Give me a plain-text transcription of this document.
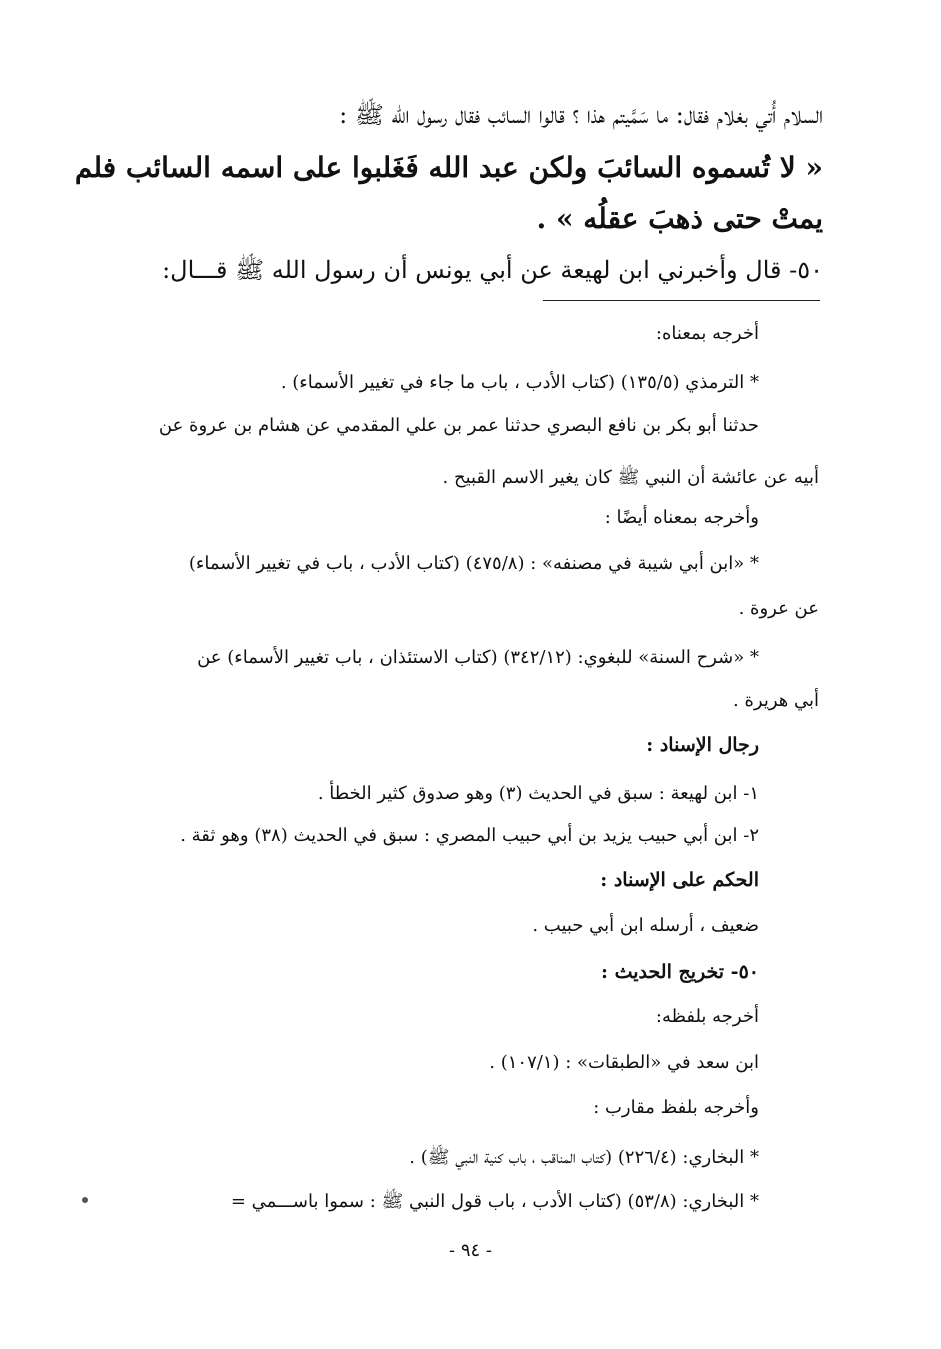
السلام أُتي بغلام فقال: ما سَمَّيتم هذا ؟ قالوا السائب فقال رسول الله ﷺ :
« لا تُسموه السائبَ ولكن عبد الله فَغَلبوا على اسمه السائب فلم
يمتْ حتى ذهبَ عقلُه » .
٥٠- قال وأخبرني ابن لهيعة عن أبي يونس أن رسول الله ﷺ قـــال:
أخرجه بمعناه:
* الترمذي (١٣٥/٥) (كتاب الأدب ، باب ما جاء في تغيير الأسماء) .
حدثنا أبو بكر بن نافع البصري حدثنا عمر بن علي المقدمي عن هشام بن عروة عن
أبيه عن عائشة أن النبي ﷺ كان يغير الاسم القبيح .
وأخرجه بمعناه أيضًا :
* «ابن أبي شيبة في مصنفه» : (٤٧٥/٨) (كتاب الأدب ، باب في تغيير الأسماء)
عن عروة .
* «شرح السنة» للبغوي: (٣٤٢/١٢) (كتاب الاستئذان ، باب تغيير الأسماء) عن
أبي هريرة .
رجال الإسناد :
١- ابن لهيعة : سبق في الحديث (٣) وهو صدوق كثير الخطأ .
٢- ابن أبي حبيب يزيد بن أبي حبيب المصري : سبق في الحديث (٣٨) وهو ثقة .
الحكم على الإسناد :
ضعيف ، أرسله ابن أبي حبيب .
٥٠- تخريج الحديث :
أخرجه بلفظه:
ابن سعد في «الطبقات» : (١٠٧/١) .
وأخرجه بلفظ مقارب :
* البخاري: (٢٢٦/٤) (كتاب المناقب ، باب كنية النبي ﷺ) .
* البخاري: (٥٣/٨) (كتاب الأدب ، باب قول النبي ﷺ : سموا باســـمي =
- ٩٤ -
